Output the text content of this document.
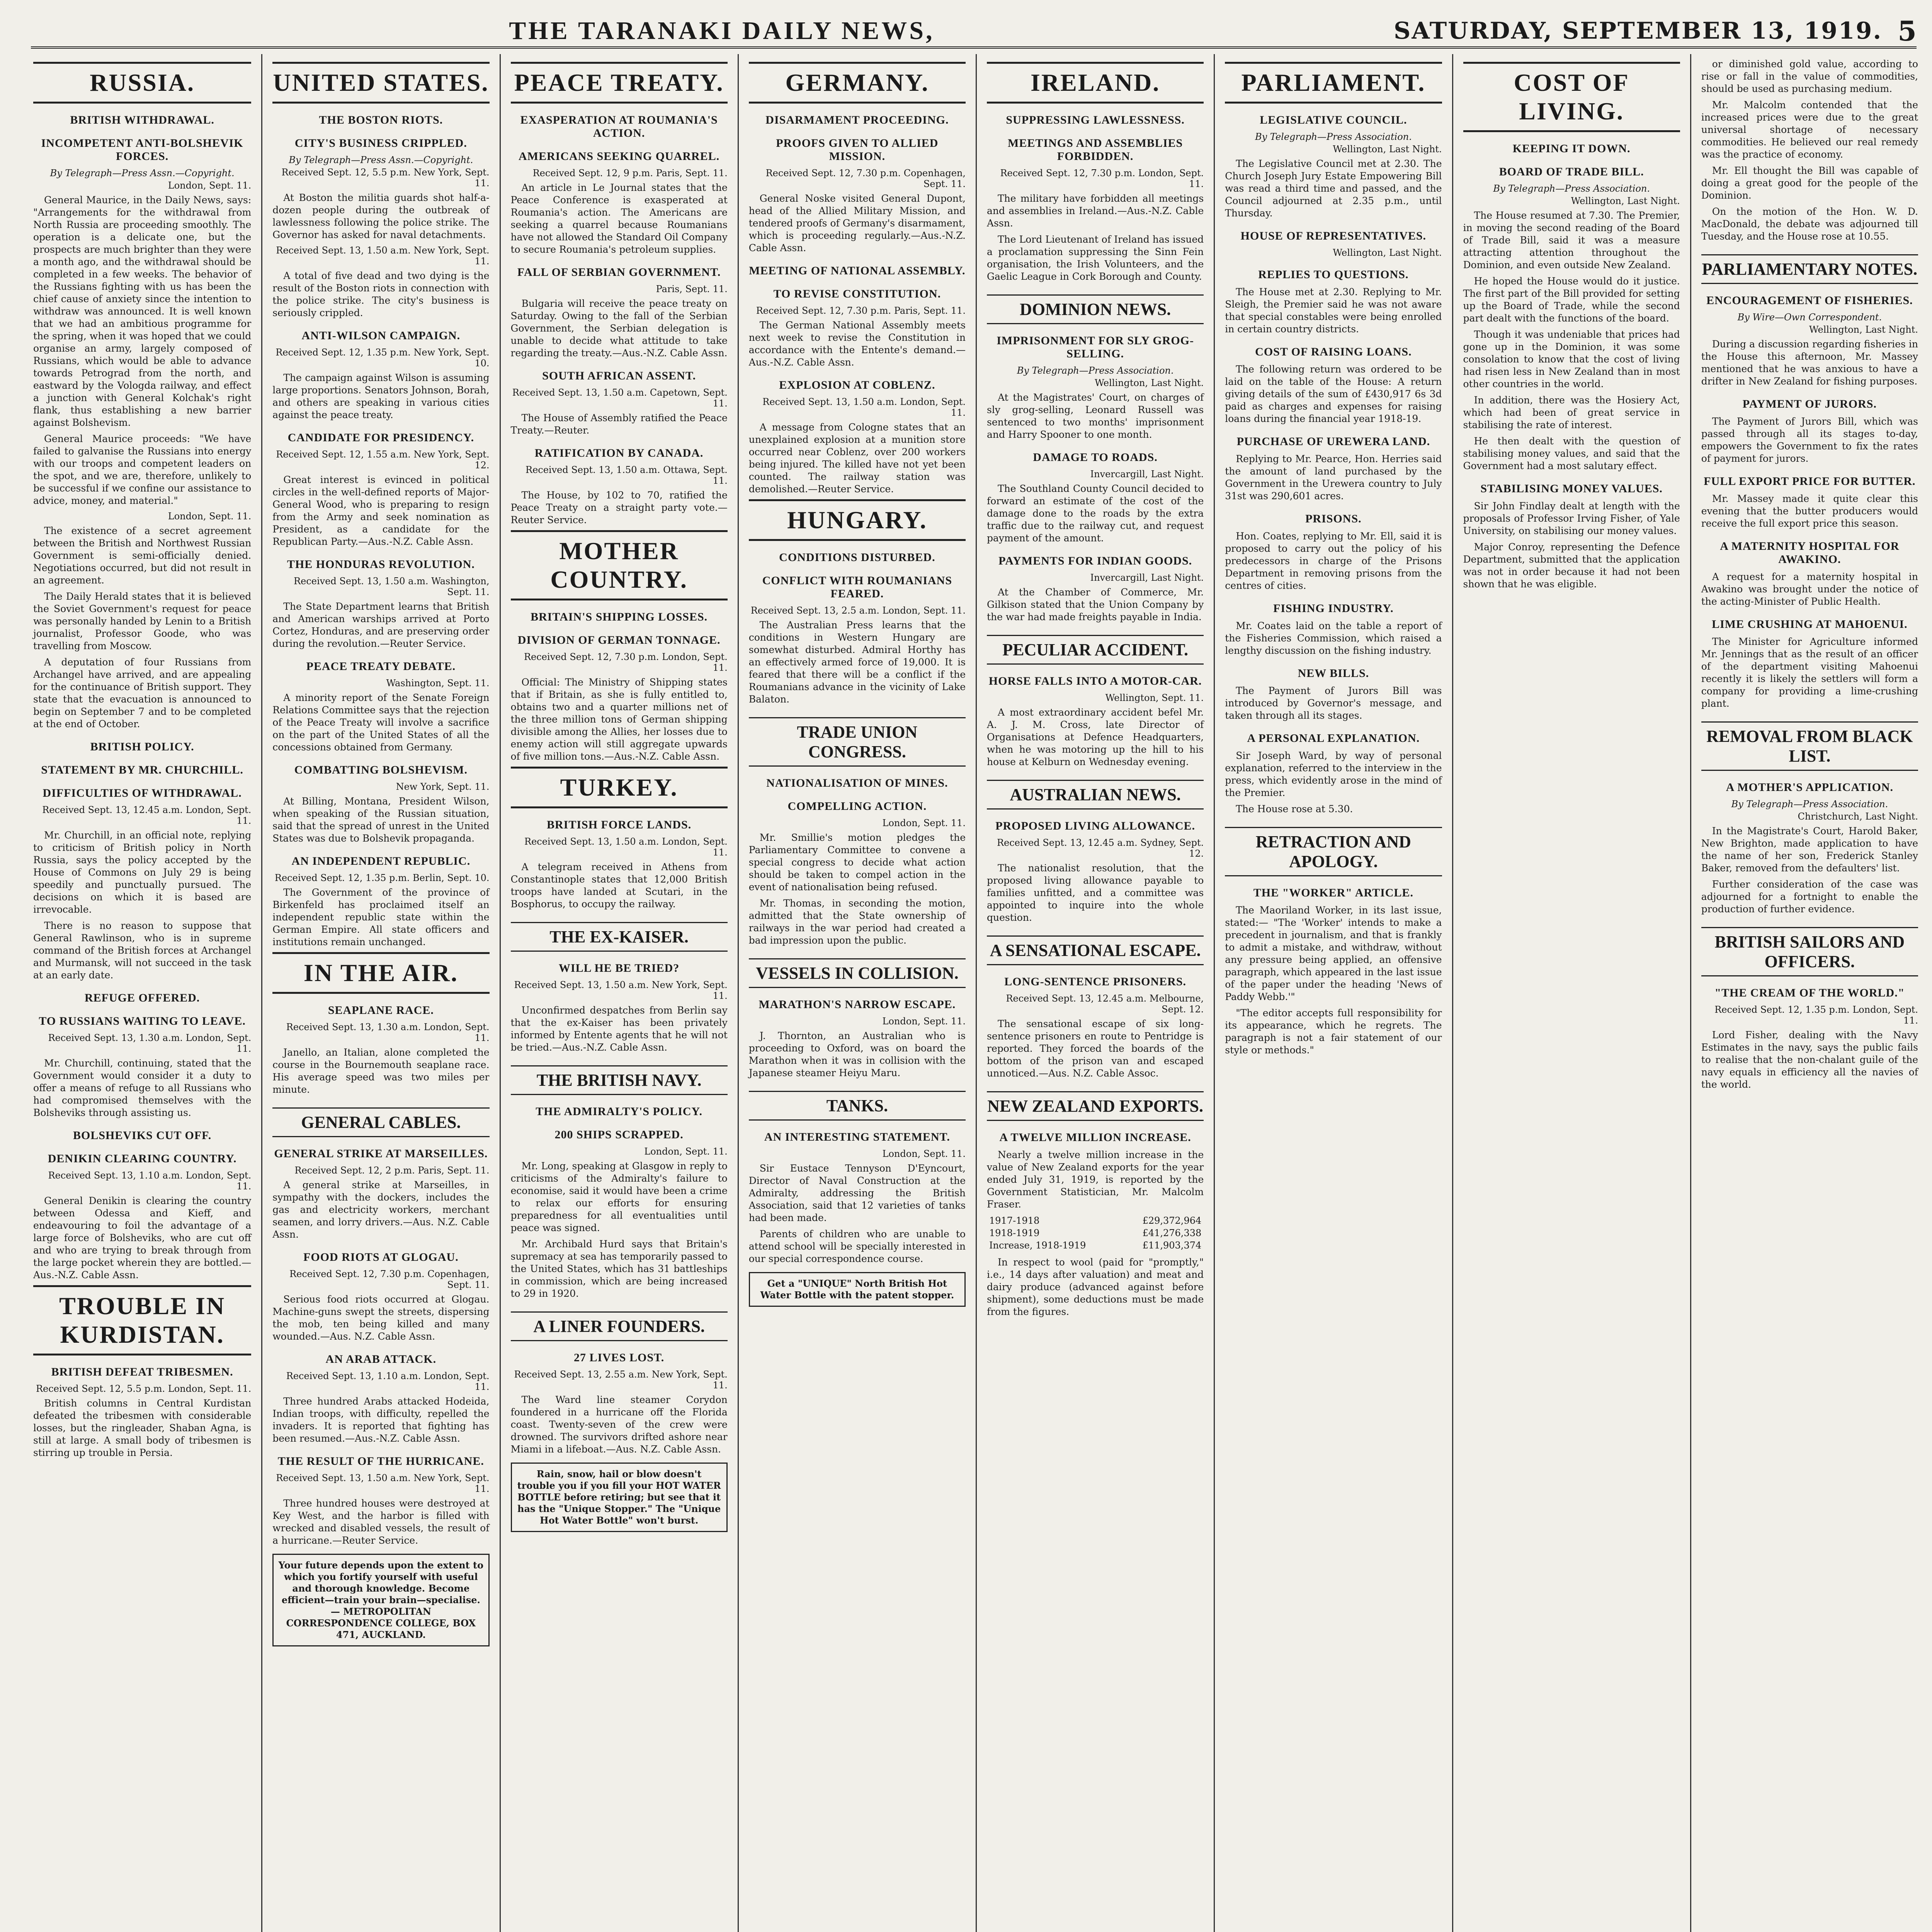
THE TARANAKI DAILY NEWS,	SATURDAY, SEPTEMBER 13, 1919. 5
RUSSIA.
BRITISH WITHDRAWAL.
INCOMPETENT ANTI-BOLSHEVIK FORCES.
By Telegraph—Press Assn.—Copyright.
London, Sept. 11.
General Maurice, in the Daily News, says: "Arrangements for the withdrawal from North Russia are proceeding smoothly. The operation is a delicate one, but the prospects are much brighter than they were a month ago, and the withdrawal should be completed in a few weeks. The behavior of the Russians fighting with us has been the chief cause of anxiety since the intention to withdraw was announced. It is well known that we had an ambitious programme for the spring, when it was hoped that we could organise an army, largely composed of Russians, which would be able to advance towards Petrograd from the north, and eastward by the Vologda railway, and effect a junction with General Kolchak's right flank, thus establishing a new barrier against Bolshevism.
General Maurice proceeds: "We have failed to galvanise the Russians into energy with our troops and competent leaders on the spot, and we are, therefore, unlikely to be successful if we confine our assistance to advice, money, and material."
London, Sept. 11.
The existence of a secret agreement between the British and Northwest Russian Government is semi-officially denied. Negotiations occurred, but did not result in an agreement.
The Daily Herald states that it is believed the Soviet Government's request for peace was personally handed by Lenin to a British journalist, Professor Goode, who was travelling from Moscow.
A deputation of four Russians from Archangel have arrived, and are appealing for the continuance of British support. They state that the evacuation is announced to begin on September 7 and to be completed at the end of October.
BRITISH POLICY.
STATEMENT BY MR. CHURCHILL.
DIFFICULTIES OF WITHDRAWAL.
Received Sept. 13, 12.45 a.m. London, Sept. 11.
Mr. Churchill, in an official note, replying to criticism of British policy in North Russia, says the policy accepted by the House of Commons on July 29 is being speedily and punctually pursued. The decisions on which it is based are irrevocable.
There is no reason to suppose that General Rawlinson, who is in supreme command of the British forces at Archangel and Murmansk, will not succeed in the task at an early date.
REFUGE OFFERED.
TO RUSSIANS WAITING TO LEAVE.
Received Sept. 13, 1.30 a.m. London, Sept. 11.
Mr. Churchill, continuing, stated that the Government would consider it a duty to offer a means of refuge to all Russians who had compromised themselves with the Bolsheviks through assisting us.
BOLSHEVIKS CUT OFF.
DENIKIN CLEARING COUNTRY.
Received Sept. 13, 1.10 a.m. London, Sept. 11.
General Denikin is clearing the country between Odessa and Kieff, and endeavouring to foil the advantage of a large force of Bolsheviks, who are cut off and who are trying to break through from the large pocket wherein they are bottled.—Aus.-N.Z. Cable Assn.
TROUBLE IN KURDISTAN.
BRITISH DEFEAT TRIBESMEN.
Received Sept. 12, 5.5 p.m. London, Sept. 11.
British columns in Central Kurdistan defeated the tribesmen with considerable losses, but the ringleader, Shaban Agna, is still at large. A small body of tribesmen is stirring up trouble in Persia.
UNITED STATES.
THE BOSTON RIOTS.
CITY'S BUSINESS CRIPPLED.
By Telegraph—Press Assn.—Copyright.
Received Sept. 12, 5.5 p.m. New York, Sept. 11.
At Boston the militia guards shot half-a-dozen people during the outbreak of lawlessness following the police strike. The Governor has asked for naval detachments.
Received Sept. 13, 1.50 a.m. New York, Sept. 11.
A total of five dead and two dying is the result of the Boston riots in connection with the police strike. The city's business is seriously crippled.
ANTI-WILSON CAMPAIGN.
Received Sept. 12, 1.35 p.m. New York, Sept. 10.
The campaign against Wilson is assuming large proportions. Senators Johnson, Borah, and others are speaking in various cities against the peace treaty.
CANDIDATE FOR PRESIDENCY.
Received Sept. 12, 1.55 a.m. New York, Sept. 12.
Great interest is evinced in political circles in the well-defined reports of Major-General Wood, who is preparing to resign from the Army and seek nomination as President, as a candidate for the Republican Party.—Aus.-N.Z. Cable Assn.
THE HONDURAS REVOLUTION.
Received Sept. 13, 1.50 a.m. Washington, Sept. 11.
The State Department learns that British and American warships arrived at Porto Cortez, Honduras, and are preserving order during the revolution.—Reuter Service.
PEACE TREATY DEBATE.
Washington, Sept. 11.
A minority report of the Senate Foreign Relations Committee says that the rejection of the Peace Treaty will involve a sacrifice on the part of the United States of all the concessions obtained from Germany.
COMBATTING BOLSHEVISM.
New York, Sept. 11.
At Billing, Montana, President Wilson, when speaking of the Russian situation, said that the spread of unrest in the United States was due to Bolshevik propaganda.
AN INDEPENDENT REPUBLIC.
Received Sept. 12, 1.35 p.m. Berlin, Sept. 10.
The Government of the province of Birkenfeld has proclaimed itself an independent republic state within the German Empire. All state officers and institutions remain unchanged.
IN THE AIR.
SEAPLANE RACE.
Received Sept. 13, 1.30 a.m. London, Sept. 11.
Janello, an Italian, alone completed the course in the Bournemouth seaplane race. His average speed was two miles per minute.
GENERAL CABLES.
GENERAL STRIKE AT MARSEILLES.
Received Sept. 12, 2 p.m. Paris, Sept. 11.
A general strike at Marseilles, in sympathy with the dockers, includes the gas and electricity workers, merchant seamen, and lorry drivers.—Aus. N.Z. Cable Assn.
FOOD RIOTS AT GLOGAU.
Received Sept. 12, 7.30 p.m. Copenhagen, Sept. 11.
Serious food riots occurred at Glogau. Machine-guns swept the streets, dispersing the mob, ten being killed and many wounded.—Aus. N.Z. Cable Assn.
AN ARAB ATTACK.
Received Sept. 13, 1.10 a.m. London, Sept. 11.
Three hundred Arabs attacked Hodeida, Indian troops, with difficulty, repelled the invaders. It is reported that fighting has been resumed.—Aus.-N.Z. Cable Assn.
THE RESULT OF THE HURRICANE.
Received Sept. 13, 1.50 a.m. New York, Sept. 11.
Three hundred houses were destroyed at Key West, and the harbor is filled with wrecked and disabled vessels, the result of a hurricane.—Reuter Service.
Your future depends upon the extent to which you fortify yourself with useful and thorough knowledge. Become efficient—train your brain—specialise. — METROPOLITAN CORRESPONDENCE COLLEGE, BOX 471, AUCKLAND.
PEACE TREATY.
EXASPERATION AT ROUMANIA'S ACTION.
AMERICANS SEEKING QUARREL.
Received Sept. 12, 9 p.m. Paris, Sept. 11.
An article in Le Journal states that the Peace Conference is exasperated at Roumania's action. The Americans are seeking a quarrel because Roumanians have not allowed the Standard Oil Company to secure Roumania's petroleum supplies.
FALL OF SERBIAN GOVERNMENT.
Paris, Sept. 11.
Bulgaria will receive the peace treaty on Saturday. Owing to the fall of the Serbian Government, the Serbian delegation is unable to decide what attitude to take regarding the treaty.—Aus.-N.Z. Cable Assn.
SOUTH AFRICAN ASSENT.
Received Sept. 13, 1.50 a.m. Capetown, Sept. 11.
The House of Assembly ratified the Peace Treaty.—Reuter.
RATIFICATION BY CANADA.
Received Sept. 13, 1.50 a.m. Ottawa, Sept. 11.
The House, by 102 to 70, ratified the Peace Treaty on a straight party vote.—Reuter Service.
MOTHER COUNTRY.
BRITAIN'S SHIPPING LOSSES.
DIVISION OF GERMAN TONNAGE.
Received Sept. 12, 7.30 p.m. London, Sept. 11.
Official: The Ministry of Shipping states that if Britain, as she is fully entitled to, obtains two and a quarter millions net of the three million tons of German shipping divisible among the Allies, her losses due to enemy action will still aggregate upwards of five million tons.—Aus.-N.Z. Cable Assn.
TURKEY.
BRITISH FORCE LANDS.
Received Sept. 13, 1.50 a.m. London, Sept. 11.
A telegram received in Athens from Constantinople states that 12,000 British troops have landed at Scutari, in the Bosphorus, to occupy the railway.
THE EX-KAISER.
WILL HE BE TRIED?
Received Sept. 13, 1.50 a.m. New York, Sept. 11.
Unconfirmed despatches from Berlin say that the ex-Kaiser has been privately informed by Entente agents that he will not be tried.—Aus.-N.Z. Cable Assn.
THE BRITISH NAVY.
THE ADMIRALTY'S POLICY.
200 SHIPS SCRAPPED.
London, Sept. 11.
Mr. Long, speaking at Glasgow in reply to criticisms of the Admiralty's failure to economise, said it would have been a crime to relax our efforts for ensuring preparedness for all eventualities until peace was signed.
Mr. Archibald Hurd says that Britain's supremacy at sea has temporarily passed to the United States, which has 31 battleships in commission, which are being increased to 29 in 1920.
A LINER FOUNDERS.
27 LIVES LOST.
Received Sept. 13, 2.55 a.m. New York, Sept. 11.
The Ward line steamer Corydon foundered in a hurricane off the Florida coast. Twenty-seven of the crew were drowned. The survivors drifted ashore near Miami in a lifeboat.—Aus. N.Z. Cable Assn.
Rain, snow, hail or blow doesn't trouble you if you fill your HOT WATER BOTTLE before retiring; but see that it has the "Unique Stopper." The "Unique Hot Water Bottle" won't burst.
GERMANY.
DISARMAMENT PROCEEDING.
PROOFS GIVEN TO ALLIED MISSION.
Received Sept. 12, 7.30 p.m. Copenhagen, Sept. 11.
General Noske visited General Dupont, head of the Allied Military Mission, and tendered proofs of Germany's disarmament, which is proceeding regularly.—Aus.-N.Z. Cable Assn.
MEETING OF NATIONAL ASSEMBLY.
TO REVISE CONSTITUTION.
Received Sept. 12, 7.30 p.m. Paris, Sept. 11.
The German National Assembly meets next week to revise the Constitution in accordance with the Entente's demand.—Aus.-N.Z. Cable Assn.
EXPLOSION AT COBLENZ.
Received Sept. 13, 1.50 a.m. London, Sept. 11.
A message from Cologne states that an unexplained explosion at a munition store occurred near Coblenz, over 200 workers being injured. The killed have not yet been counted. The railway station was demolished.—Reuter Service.
HUNGARY.
CONDITIONS DISTURBED.
CONFLICT WITH ROUMANIANS FEARED.
Received Sept. 13, 2.5 a.m. London, Sept. 11.
The Australian Press learns that the conditions in Western Hungary are somewhat disturbed. Admiral Horthy has an effectively armed force of 19,000. It is feared that there will be a conflict if the Roumanians advance in the vicinity of Lake Balaton.
TRADE UNION CONGRESS.
NATIONALISATION OF MINES.
COMPELLING ACTION.
London, Sept. 11.
Mr. Smillie's motion pledges the Parliamentary Committee to convene a special congress to decide what action should be taken to compel action in the event of nationalisation being refused.
Mr. Thomas, in seconding the motion, admitted that the State ownership of railways in the war period had created a bad impression upon the public.
VESSELS IN COLLISION.
MARATHON'S NARROW ESCAPE.
London, Sept. 11.
J. Thornton, an Australian who is proceeding to Oxford, was on board the Marathon when it was in collision with the Japanese steamer Heiyu Maru.
TANKS.
AN INTERESTING STATEMENT.
London, Sept. 11.
Sir Eustace Tennyson D'Eyncourt, Director of Naval Construction at the Admiralty, addressing the British Association, said that 12 varieties of tanks had been made.
Parents of children who are unable to attend school will be specially interested in our special correspondence course.
Get a "UNIQUE" North British Hot Water Bottle with the patent stopper.
IRELAND.
SUPPRESSING LAWLESSNESS.
MEETINGS AND ASSEMBLIES FORBIDDEN.
Received Sept. 12, 7.30 p.m. London, Sept. 11.
The military have forbidden all meetings and assemblies in Ireland.—Aus.-N.Z. Cable Assn.
The Lord Lieutenant of Ireland has issued a proclamation suppressing the Sinn Fein organisation, the Irish Volunteers, and the Gaelic League in Cork Borough and County.
DOMINION NEWS.
IMPRISONMENT FOR SLY GROG-SELLING.
By Telegraph—Press Association.
Wellington, Last Night.
At the Magistrates' Court, on charges of sly grog-selling, Leonard Russell was sentenced to two months' imprisonment and Harry Spooner to one month.
DAMAGE TO ROADS.
Invercargill, Last Night.
The Southland County Council decided to forward an estimate of the cost of the damage done to the roads by the extra traffic due to the railway cut, and request payment of the amount.
PAYMENTS FOR INDIAN GOODS.
Invercargill, Last Night.
At the Chamber of Commerce, Mr. Gilkison stated that the Union Company by the war had made freights payable in India.
PECULIAR ACCIDENT.
HORSE FALLS INTO A MOTOR-CAR.
Wellington, Sept. 11.
A most extraordinary accident befel Mr. A. J. M. Cross, late Director of Organisations at Defence Headquarters, when he was motoring up the hill to his house at Kelburn on Wednesday evening.
AUSTRALIAN NEWS.
PROPOSED LIVING ALLOWANCE.
Received Sept. 13, 12.45 a.m. Sydney, Sept. 12.
The nationalist resolution, that the proposed living allowance payable to families unfitted, and a committee was appointed to inquire into the whole question.
A SENSATIONAL ESCAPE.
LONG-SENTENCE PRISONERS.
Received Sept. 13, 12.45 a.m. Melbourne, Sept. 12.
The sensational escape of six long-sentence prisoners en route to Pentridge is reported. They forced the boards of the bottom of the prison van and escaped unnoticed.—Aus. N.Z. Cable Assoc.
NEW ZEALAND EXPORTS.
A TWELVE MILLION INCREASE.
Nearly a twelve million increase in the value of New Zealand exports for the year ended July 31, 1919, is reported by the Government Statistician, Mr. Malcolm Fraser.
1917-1918	£29,372,964
1918-1919	£41,276,338
Increase, 1918-1919	£11,903,374
In respect to wool (paid for "promptly," i.e., 14 days after valuation) and meat and dairy produce (advanced against before shipment), some deductions must be made from the figures.
PARLIAMENT.
LEGISLATIVE COUNCIL.
By Telegraph—Press Association.
Wellington, Last Night.
The Legislative Council met at 2.30. The Church Joseph Jury Estate Empowering Bill was read a third time and passed, and the Council adjourned at 2.35 p.m., until Thursday.
HOUSE OF REPRESENTATIVES.
Wellington, Last Night.
REPLIES TO QUESTIONS.
The House met at 2.30. Replying to Mr. Sleigh, the Premier said he was not aware that special constables were being enrolled in certain country districts.
COST OF RAISING LOANS.
The following return was ordered to be laid on the table of the House: A return giving details of the sum of £430,917 6s 3d paid as charges and expenses for raising loans during the financial year 1918-19.
PURCHASE OF UREWERA LAND.
Replying to Mr. Pearce, Hon. Herries said the amount of land purchased by the Government in the Urewera country to July 31st was 290,601 acres.
PRISONS.
Hon. Coates, replying to Mr. Ell, said it is proposed to carry out the policy of his predecessors in charge of the Prisons Department in removing prisons from the centres of cities.
FISHING INDUSTRY.
Mr. Coates laid on the table a report of the Fisheries Commission, which raised a lengthy discussion on the fishing industry.
NEW BILLS.
The Payment of Jurors Bill was introduced by Governor's message, and taken through all its stages.
A PERSONAL EXPLANATION.
Sir Joseph Ward, by way of personal explanation, referred to the interview in the press, which evidently arose in the mind of the Premier.
The House rose at 5.30.
RETRACTION AND APOLOGY.
THE "WORKER" ARTICLE.
The Maoriland Worker, in its last issue, stated:— "The 'Worker' intends to make a precedent in journalism, and that is frankly to admit a mistake, and withdraw, without any pressure being applied, an offensive paragraph, which appeared in the last issue of the paper under the heading 'News of Paddy Webb.'"
"The editor accepts full responsibility for its appearance, which he regrets. The paragraph is not a fair statement of our style or methods."
COST OF LIVING.
KEEPING IT DOWN.
BOARD OF TRADE BILL.
By Telegraph—Press Association.
Wellington, Last Night.
The House resumed at 7.30. The Premier, in moving the second reading of the Board of Trade Bill, said it was a measure attracting attention throughout the Dominion, and even outside New Zealand.
He hoped the House would do it justice. The first part of the Bill provided for setting up the Board of Trade, while the second part dealt with the functions of the board.
Though it was undeniable that prices had gone up in the Dominion, it was some consolation to know that the cost of living had risen less in New Zealand than in most other countries in the world.
In addition, there was the Hosiery Act, which had been of great service in stabilising the rate of interest.
He then dealt with the question of stabilising money values, and said that the Government had a most salutary effect.
STABILISING MONEY VALUES.
Sir John Findlay dealt at length with the proposals of Professor Irving Fisher, of Yale University, on stabilising our money values.
Major Conroy, representing the Defence Department, submitted that the application was not in order because it had not been shown that he was eligible.
or diminished gold value, according to rise or fall in the value of commodities, should be used as purchasing medium.
Mr. Malcolm contended that the increased prices were due to the great universal shortage of necessary commodities. He believed our real remedy was the practice of economy.
Mr. Ell thought the Bill was capable of doing a great good for the people of the Dominion.
On the motion of the Hon. W. D. MacDonald, the debate was adjourned till Tuesday, and the House rose at 10.55.
PARLIAMENTARY NOTES.
ENCOURAGEMENT OF FISHERIES.
By Wire—Own Correspondent.
Wellington, Last Night.
During a discussion regarding fisheries in the House this afternoon, Mr. Massey mentioned that he was anxious to have a drifter in New Zealand for fishing purposes.
PAYMENT OF JURORS.
The Payment of Jurors Bill, which was passed through all its stages to-day, empowers the Government to fix the rates of payment for jurors.
FULL EXPORT PRICE FOR BUTTER.
Mr. Massey made it quite clear this evening that the butter producers would receive the full export price this season.
A MATERNITY HOSPITAL FOR AWAKINO.
A request for a maternity hospital in Awakino was brought under the notice of the acting-Minister of Public Health.
LIME CRUSHING AT MAHOENUI.
The Minister for Agriculture informed Mr. Jennings that as the result of an officer of the department visiting Mahoenui recently it is likely the settlers will form a company for providing a lime-crushing plant.
REMOVAL FROM BLACK LIST.
A MOTHER'S APPLICATION.
By Telegraph—Press Association.
Christchurch, Last Night.
In the Magistrate's Court, Harold Baker, New Brighton, made application to have the name of her son, Frederick Stanley Baker, removed from the defaulters' list.
Further consideration of the case was adjourned for a fortnight to enable the production of further evidence.
BRITISH SAILORS AND OFFICERS.
"THE CREAM OF THE WORLD."
Received Sept. 12, 1.35 p.m. London, Sept. 11.
Lord Fisher, dealing with the Navy Estimates in the navy, says the public fails to realise that the non-chalant guile of the navy equals in efficiency all the navies of the world.
